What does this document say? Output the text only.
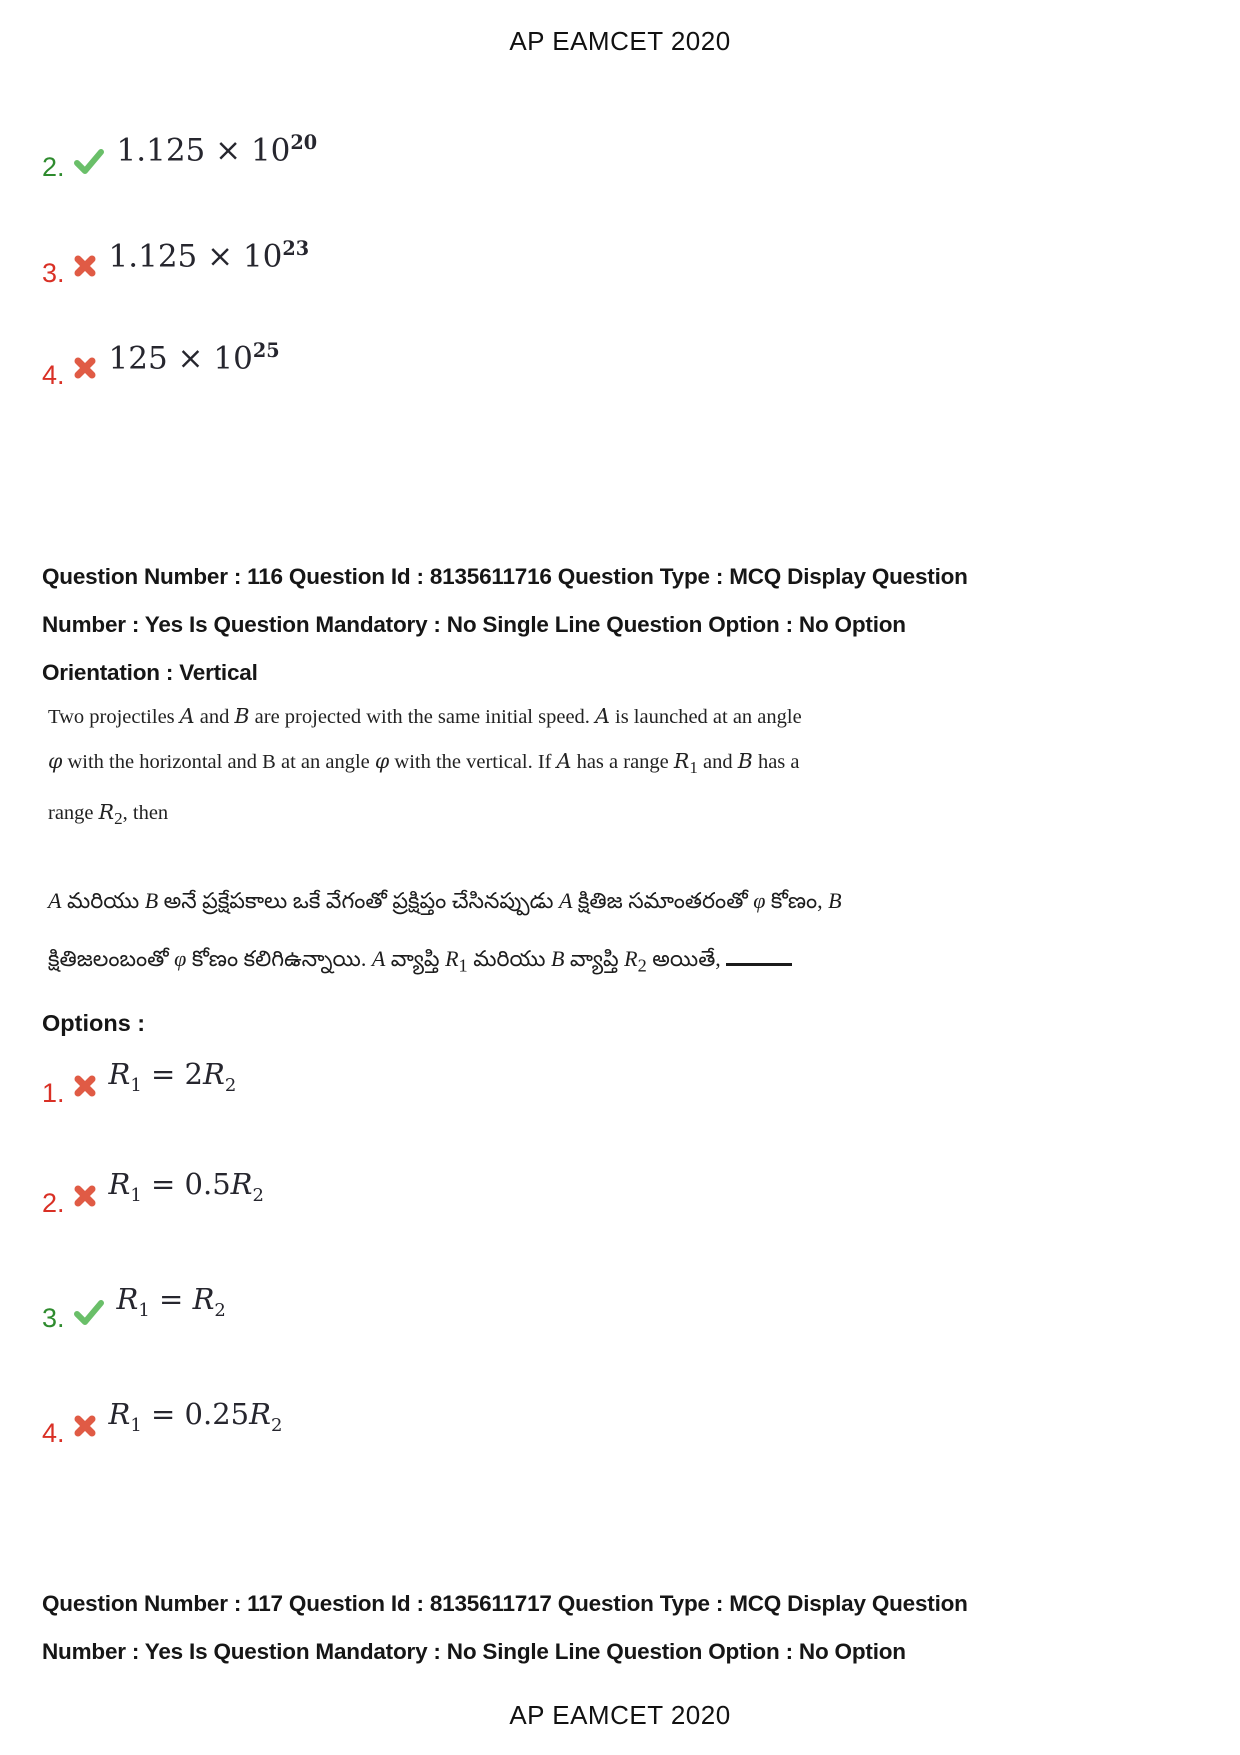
AP EAMCET 2020
2. $1.125 \times 10^{20}$
3. $1.125 \times 10^{23}$
4. $125 \times 10^{25}$
Question Number : 116 Question Id : 8135611716 Question Type : MCQ Display Question
Number : Yes Is Question Mandatory : No Single Line Question Option : No Option
Orientation : Vertical
Two projectiles A and B are projected with the same initial speed. A is launched at an angle
φ with the horizontal and B at an angle φ with the vertical. If A has a range $R_1$ and B has a
range $R_2$, then
A మరియు B అనే ప్రక్షేపకాలు ఒకే వేగంతో ప్రక్షిప్తం చేసినప్పుడు A క్షితిజ సమాంతరంతో φ కోణం, B
క్షితిజలంబంతో φ కోణం కలిగిఉన్నాయి. A వ్యాప్తి $R_1$ మరియు B వ్యాప్తి $R_2$ అయితే,
Options :
1.
$R_1 = 2R_2$
2.
$R_1 = 0.5R_2$
3.
$R_1 = R_2$
4.
$R_1 = 0.25R_2$
Question Number : 117 Question Id : 8135611717 Question Type : MCQ Display Question
Number : Yes Is Question Mandatory : No Single Line Question Option : No Option
AP EAMCET 2020
